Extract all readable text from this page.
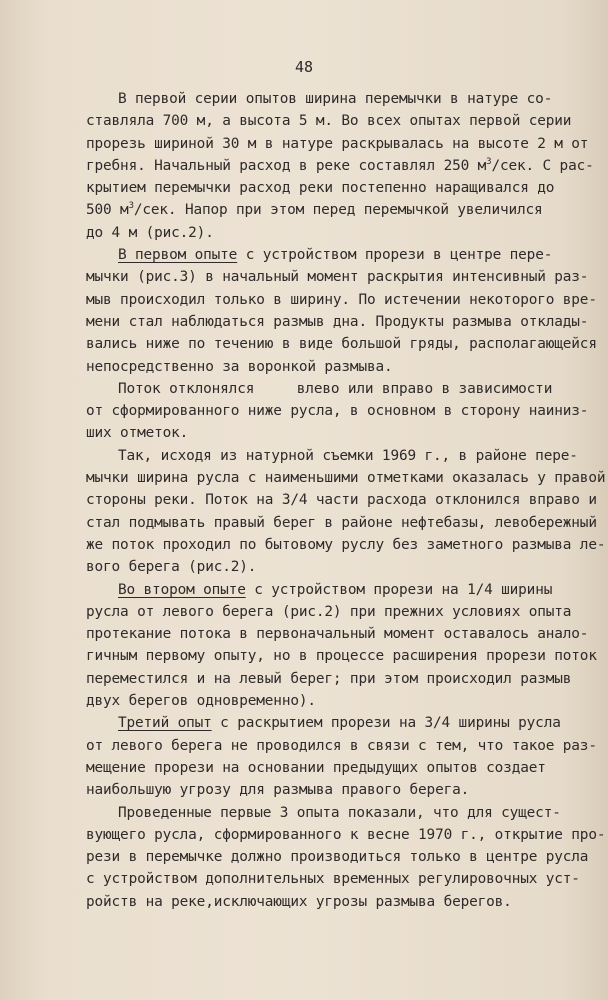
48
В первой серии опытов ширина перемычки в натуре со-
ставляла 700 м, а высота 5 м. Во всех опытах первой серии
прорезь шириной 30 м в натуре раскрывалась на высоте 2 м от
гребня. Начальный расход в реке составлял 250 $м^3$/сек. С рас-
крытием перемычки расход реки постепенно наращивался до
500 $м^3$/сек. Напор при этом перед перемычкой увеличился
до 4 м (рис.2).
В первом опыте с устройством прорези в центре пере-
мычки (рис.3) в начальный момент раскрытия интенсивный раз-
мыв происходил только в ширину. По истечении некоторого вре-
мени стал наблюдаться размыв дна. Продукты размыва отклады-
вались ниже по течению в виде большой гряды, располагающейся
непосредственно за воронкой размыва.
Поток отклонялся     влево или вправо в зависимости
от сформированного ниже русла, в основном в сторону наиниз-
ших отметок.
Так, исходя из натурной съемки 1969 г., в районе пере-
мычки ширина русла с наименьшими отметками оказалась у правой
стороны реки. Поток на 3/4 части расхода отклонился вправо и
стал подмывать правый берег в районе нефтебазы, левобережный
же поток проходил по бытовому руслу без заметного размыва ле-
вого берега (рис.2).
Во втором опыте с устройством прорези на 1/4 ширины
русла от левого берега (рис.2) при прежних условиях опыта
протекание потока в первоначальный момент оставалось анало-
гичным первому опыту, но в процессе расширения прорези поток
переместился и на левый берег; при этом происходил размыв
двух берегов одновременно).
Третий опыт с раскрытием прорези на 3/4 ширины русла
от левого берега не проводился в связи с тем, что такое раз-
мещение прорези на основании предыдущих опытов создает
наибольшую угрозу для размыва правого берега.
Проведенные первые 3 опыта показали, что для сущест-
вующего русла, сформированного к весне 1970 г., открытие про-
рези в перемычке должно производиться только в центре русла
с устройством дополнительных временных регулировочных уст-
ройств на реке,исключающих угрозы размыва берегов.
